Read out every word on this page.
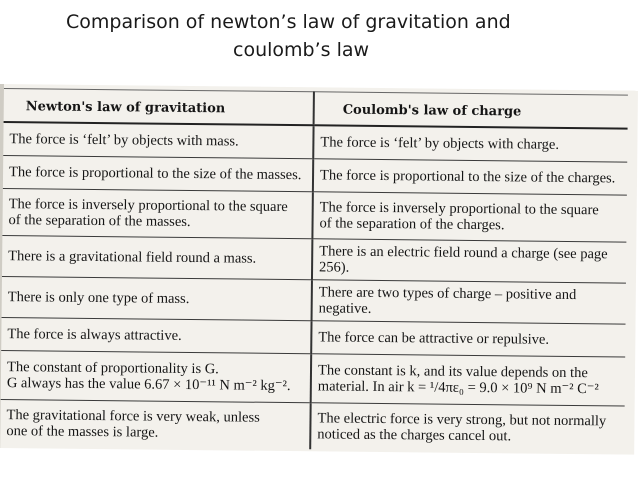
Comparison of newton’s law of gravitation and
coulomb’s law
Newton's law of gravitation	Coulomb's law of charge

The force is ‘felt’ by objects with mass.	The force is ‘felt’ by objects with charge.

The force is proportional to the size of the masses.	The force is proportional to the size of the charges.

The force is inversely proportional to the square
of the separation of the masses.	The force is inversely proportional to the square
of the separation of the charges.

There is a gravitational field round a mass.	There is an electric field round a charge (see page 256).

There is only one type of mass.	There are two types of charge – positive and negative.

The force is always attractive.	The force can be attractive or repulsive.

The constant of proportionality is G.
G always has the value 6.67 × 10⁻¹¹ N m⁻² kg⁻².	The constant is k, and its value depends on the
material. In air k = ¹/4πε₀ = 9.0 × 10⁹ N m⁻² C⁻²

The gravitational force is very weak, unless
one of the masses is large.	The electric force is very strong, but not normally
noticed as the charges cancel out.
